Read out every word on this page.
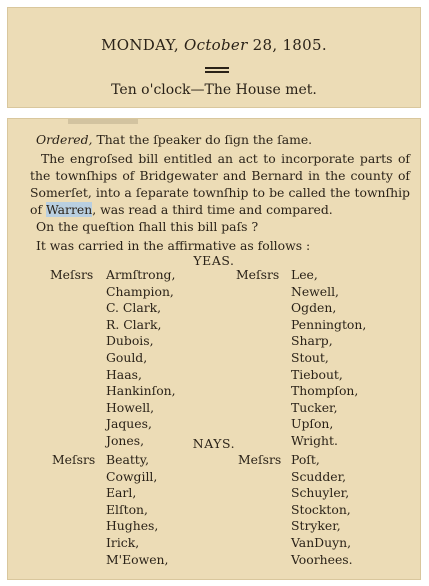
MONDAY, October 28, 1805.
Ten o'clock—The House met.

Ordered, That the ſpeaker do ſign the ſame.

The engroſsed bill entitled an act to incorporate parts of the townſhips of Bridgewater and Bernard in the county of Somerſet, into a ſeparate townſhip to be called the townſhip of Warren, was read a third time and compared.

On the queſtion ſhall this bill paſs ?

It was carried in the affirmative as follows :

YEAS.
Meſsrs Armſtrong,
Champion,
C. Clark,
R. Clark,
Dubois,
Gould,
Haas,
Hankinſon,
Howell,
Jaques,
Jones,
Meſsrs Lee,
Newell,
Ogden,
Pennington,
Sharp,
Stout,
Tiebout,
Thompſon,
Tucker,
Upſon,
Wright.
NAYS.
Meſsrs Beatty,
Cowgill,
Earl,
Elſton,
Hughes,
Irick,
M'Eowen,
Meſsrs Poſt,
Scudder,
Schuyler,
Stockton,
Stryker,
VanDuyn,
Voorhees.
